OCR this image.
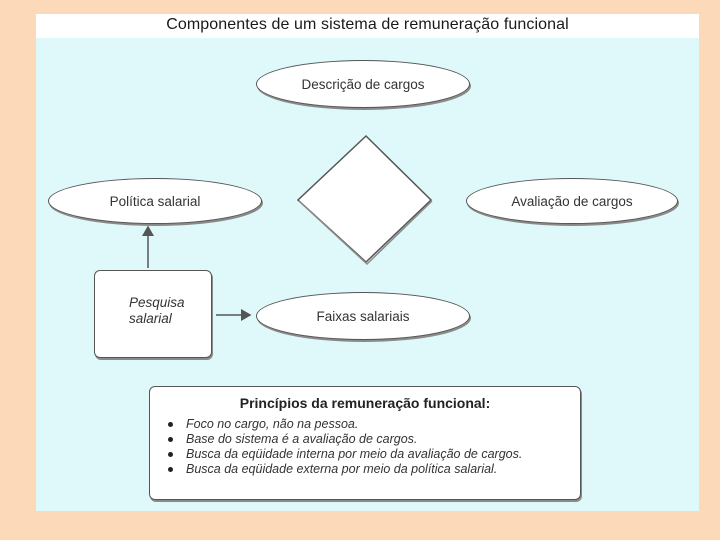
Componentes de um sistema de remuneração funcional
Descrição de cargos
Política salarial	Avaliação de cargos
Faixas salariais
Pesquisa salarial
Princípios da remuneração funcional:
Foco no cargo, não na pessoa.
Base do sistema é a avaliação de cargos.
Busca da eqüidade interna por meio da avaliação de cargos.
Busca da eqüidade externa por meio da política salarial.
